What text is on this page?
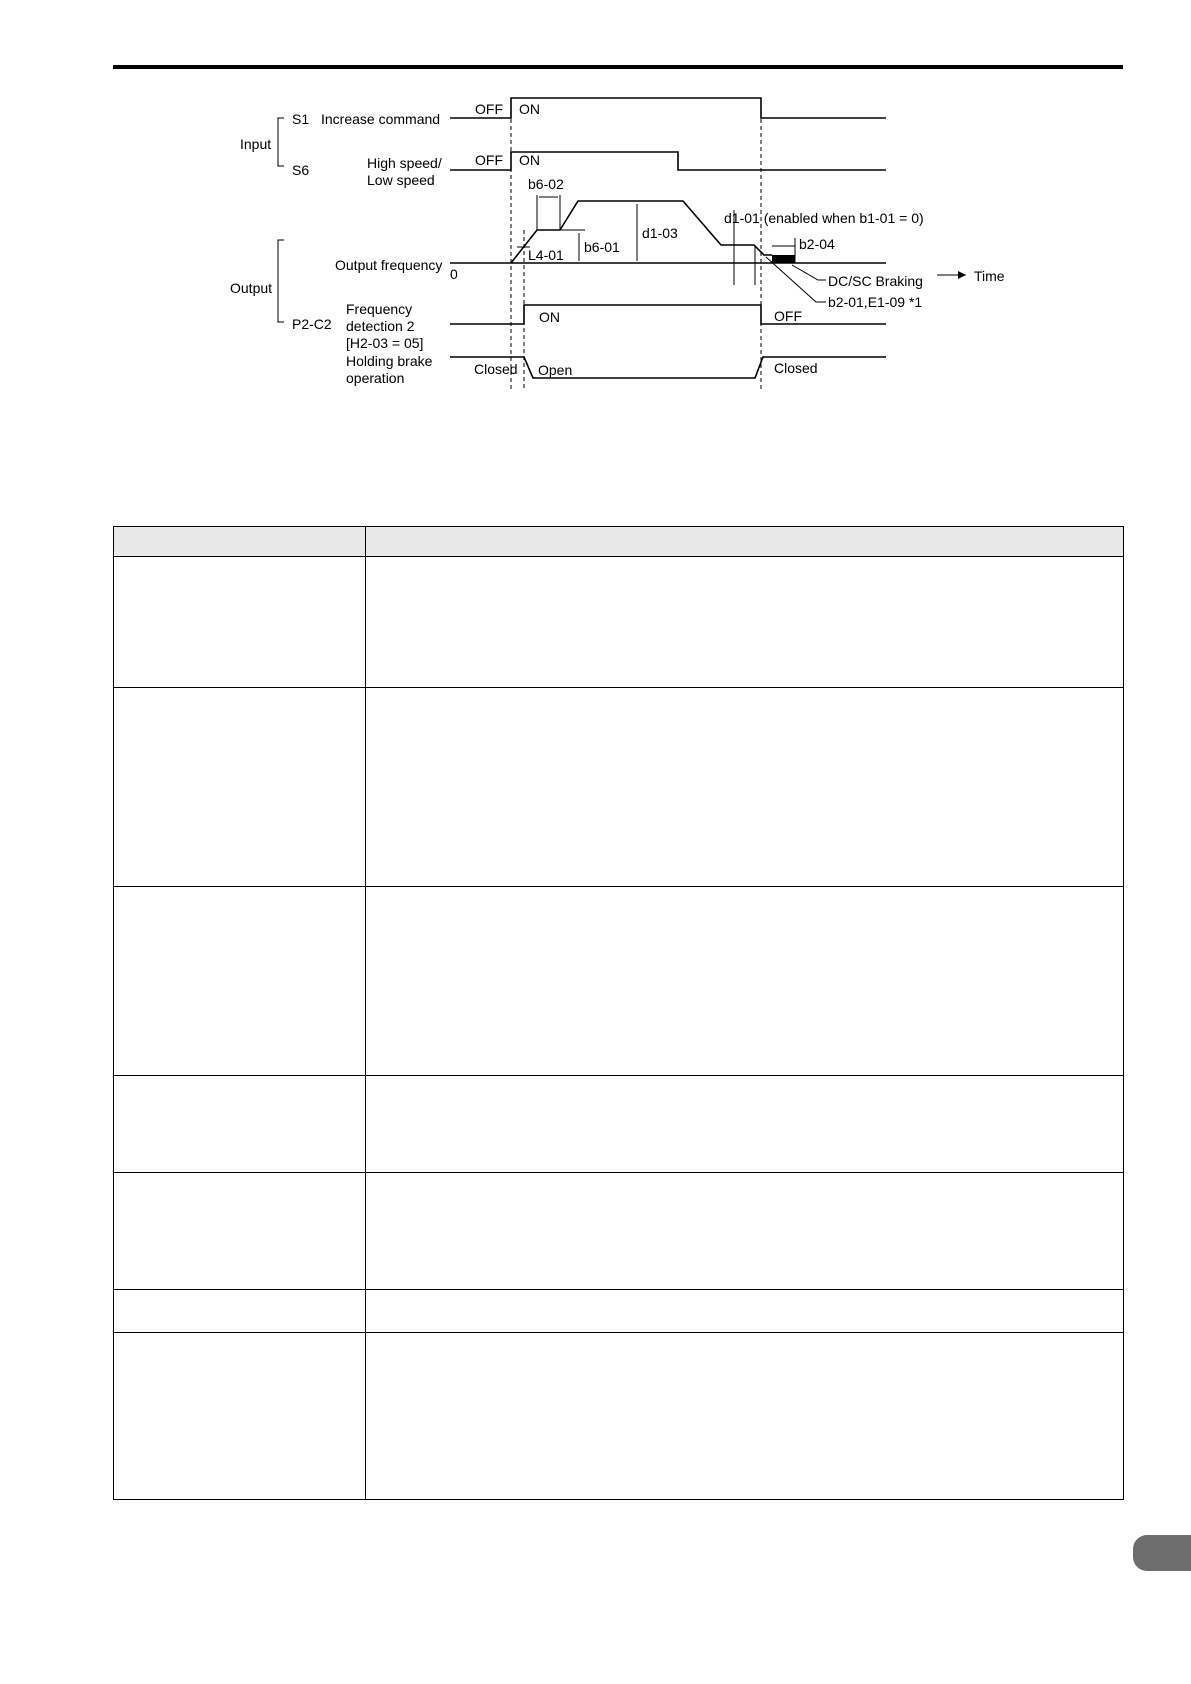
Input
Output
S1 Increase command
S6	High speed/
Low speed
Output frequency
0
P2-C2
Frequency
detection 2
[H2-03 = 05]
Holding brake
operation
OFF ON
OFF ON
Time
b6-02
b6-01
L4-01
d1-03
d1-01 (enabled when b1-01 = 0)
b2-04
DC/SC Braking
b2-01,E1-09 *1
ON	OFF
Closed Open	Closed
